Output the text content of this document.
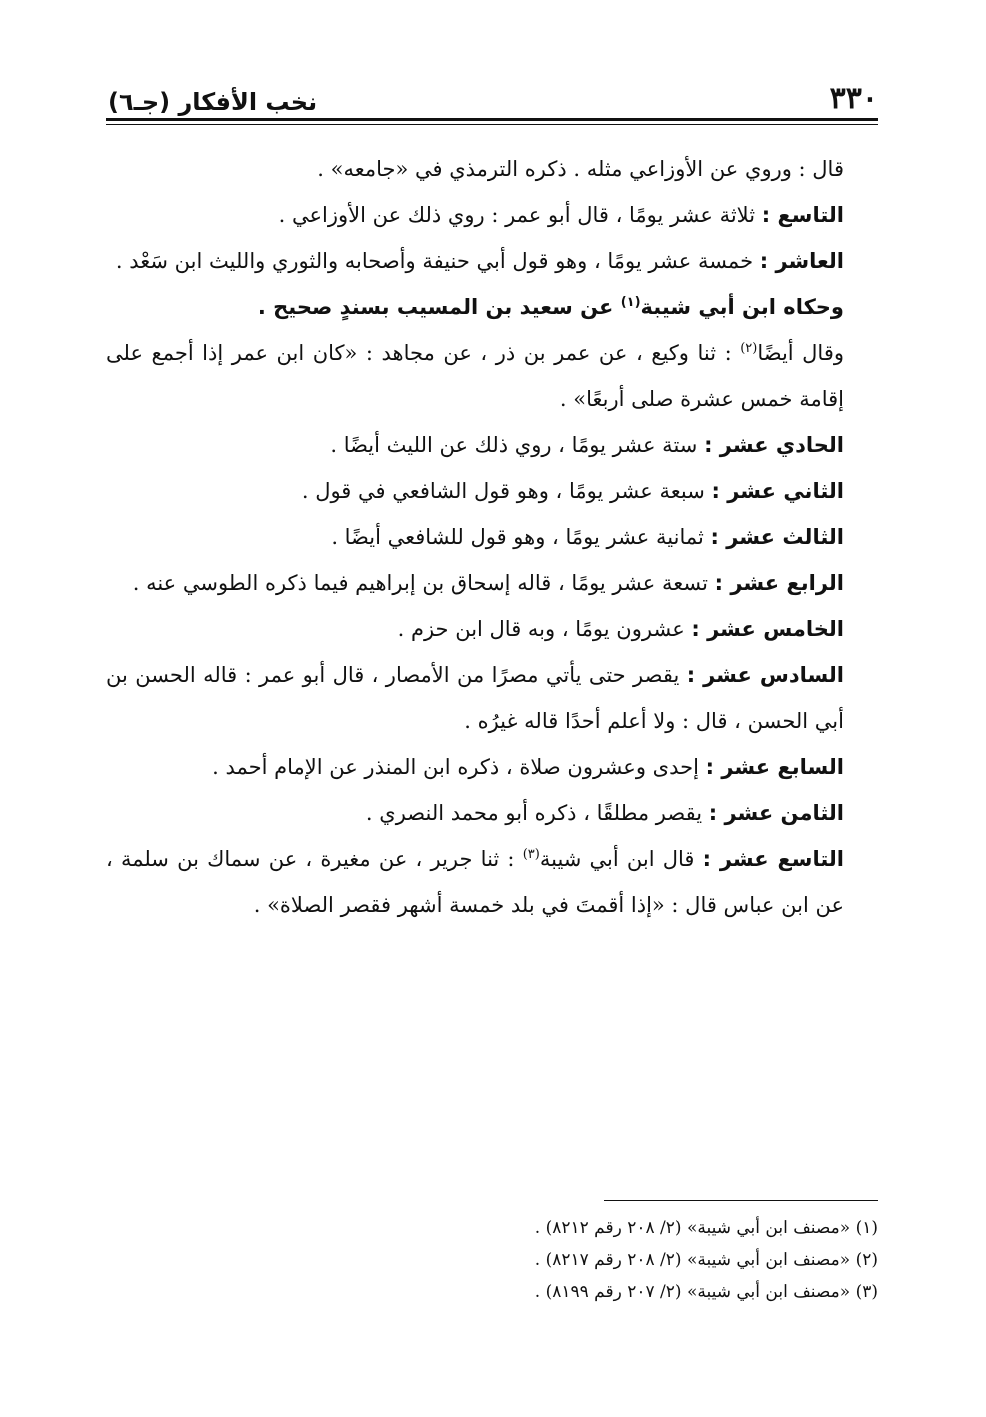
٣٣٠
نخب الأفكار (جـ٦)

قال : وروي عن الأوزاعي مثله . ذكره الترمذي في «جامعه» .

التاسع : ثلاثة عشر يومًا ، قال أبو عمر : روي ذلك عن الأوزاعي .

العاشر : خمسة عشر يومًا ، وهو قول أبي حنيفة وأصحابه والثوري والليث ابن سَعْد .

وحكاه ابن أبي شيبة$^{(١)}$ عن سعيد بن المسيب بسندٍ صحيح .

وقال أيضًا$^{(٢)}$ : ثنا وكيع ، عن عمر بن ذر ، عن مجاهد : «كان ابن عمر إذا أجمع على إقامة خمس عشرة صلى أربعًا» .

الحادي عشر : ستة عشر يومًا ، روي ذلك عن الليث أيضًا .

الثاني عشر : سبعة عشر يومًا ، وهو قول الشافعي في قول .

الثالث عشر : ثمانية عشر يومًا ، وهو قول للشافعي أيضًا .

الرابع عشر : تسعة عشر يومًا ، قاله إسحاق بن إبراهيم فيما ذكره الطوسي عنه .

الخامس عشر : عشرون يومًا ، وبه قال ابن حزم .

السادس عشر : يقصر حتى يأتي مصرًا من الأمصار ، قال أبو عمر : قاله الحسن بن أبي الحسن ، قال : ولا أعلم أحدًا قاله غيرُه .

السابع عشر : إحدى وعشرون صلاة ، ذكره ابن المنذر عن الإمام أحمد .

الثامن عشر : يقصر مطلقًا ، ذكره أبو محمد النصري .

التاسع عشر : قال ابن أبي شيبة$^{(٣)}$ : ثنا جرير ، عن مغيرة ، عن سماك بن سلمة ، عن ابن عباس قال : «إذا أقمتَ في بلد خمسة أشهر فقصر الصلاة» .

(١) «مصنف ابن أبي شيبة» (٢/ ٢٠٨ رقم ٨٢١٢) .

(٢) «مصنف ابن أبي شيبة» (٢/ ٢٠٨ رقم ٨٢١٧) .

(٣) «مصنف ابن أبي شيبة» (٢/ ٢٠٧ رقم ٨١٩٩) .
